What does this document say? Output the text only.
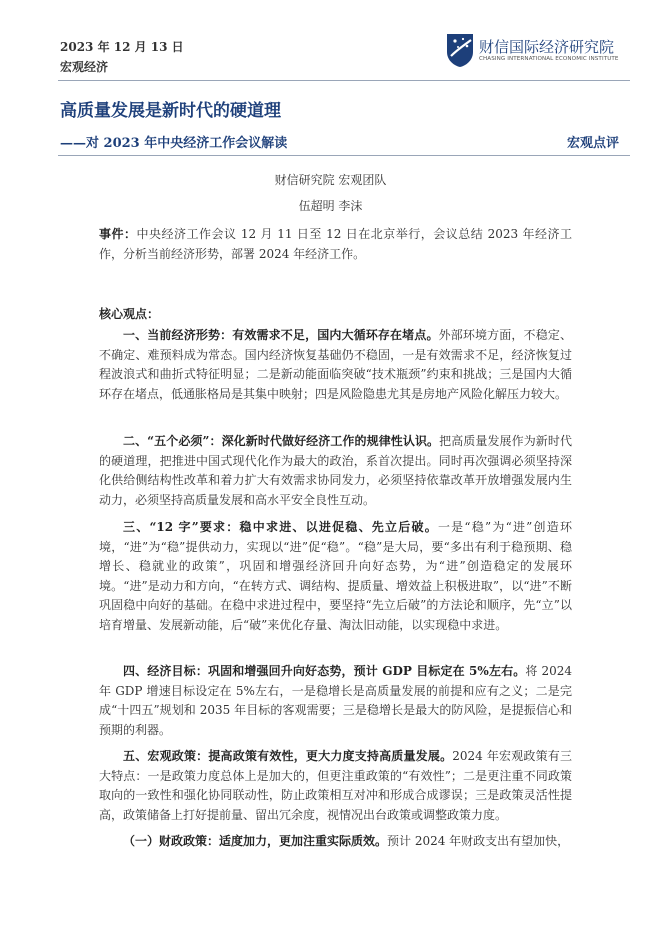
2023 年 12 月 13 日
宏观经济
财信国际经济研究院
CHASING INTERNATIONAL ECONOMIC INSTITUTE
高质量发展是新时代的硬道理
——对 2023 年中央经济工作会议解读	宏观点评
财信研究院 宏观团队
伍超明 李沫
事件：中央经济工作会议 12 月 11 日至 12 日在北京举行，会议总结 2023 年经济工作，分析当前经济形势，部署 2024 年经济工作。
核心观点：
一、当前经济形势：有效需求不足，国内大循环存在堵点。外部环境方面，不稳定、不确定、难预料成为常态。国内经济恢复基础仍不稳固，一是有效需求不足，经济恢复过程波浪式和曲折式特征明显；二是新动能面临突破“技术瓶颈”约束和挑战；三是国内大循环存在堵点，低通胀格局是其集中映射；四是风险隐患尤其是房地产风险化解压力较大。
二、“五个必须”：深化新时代做好经济工作的规律性认识。把高质量发展作为新时代的硬道理，把推进中国式现代化作为最大的政治，系首次提出。同时再次强调必须坚持深化供给侧结构性改革和着力扩大有效需求协同发力，必须坚持依靠改革开放增强发展内生动力，必须坚持高质量发展和高水平安全良性互动。
三、“12 字”要求：稳中求进、以进促稳、先立后破。一是“稳”为“进”创造环境，“进”为“稳”提供动力，实现以“进”促“稳”。“稳”是大局，要“多出有利于稳预期、稳增长、稳就业的政策”，巩固和增强经济回升向好态势，为“进”创造稳定的发展环境。“进”是动力和方向，“在转方式、调结构、提质量、增效益上积极进取”，以“进”不断巩固稳中向好的基础。在稳中求进过程中，要坚持“先立后破”的方法论和顺序，先“立”以培育增量、发展新动能，后“破”来优化存量、淘汰旧动能，以实现稳中求进。
四、经济目标：巩固和增强回升向好态势，预计 GDP 目标定在 5%左右。将 2024 年 GDP 增速目标设定在 5%左右，一是稳增长是高质量发展的前提和应有之义；二是完成“十四五”规划和 2035 年目标的客观需要；三是稳增长是最大的防风险，是提振信心和预期的利器。
五、宏观政策：提高政策有效性，更大力度支持高质量发展。2024 年宏观政策有三大特点：一是政策力度总体上是加大的，但更注重政策的“有效性”；二是更注重不同政策取向的一致性和强化协同联动性，防止政策相互对冲和形成合成谬误；三是政策灵活性提高，政策储备上打好提前量、留出冗余度，视情况出台政策或调整政策力度。
（一）财政政策：适度加力，更加注重实际质效。预计 2024 年财政支出有望加快，
